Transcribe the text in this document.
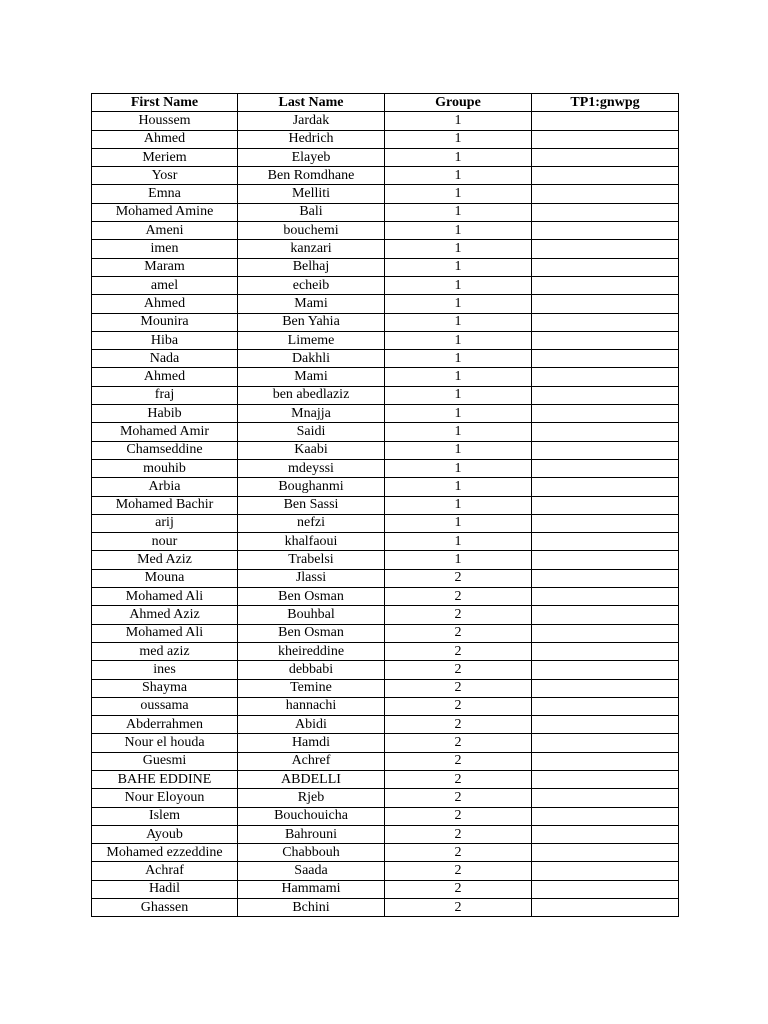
First Name	Last Name	Groupe	TP1:gnwpg
Houssem	Jardak	1	
Ahmed	Hedrich	1	
Meriem	Elayeb	1	
Yosr	Ben Romdhane	1	
Emna	Melliti	1	
Mohamed Amine	Bali	1	
Ameni	bouchemi	1	
imen	kanzari	1	
Maram	Belhaj	1	
amel	echeib	1	
Ahmed	Mami	1	
Mounira	Ben Yahia	1	
Hiba	Limeme	1	
Nada	Dakhli	1	
Ahmed	Mami	1	
fraj	ben abedlaziz	1	
Habib	Mnajja	1	
Mohamed Amir	Saidi	1	
Chamseddine	Kaabi	1	
mouhib	mdeyssi	1	
Arbia	Boughanmi	1	
Mohamed Bachir	Ben Sassi	1	
arij	nefzi	1	
nour	khalfaoui	1	
Med Aziz	Trabelsi	1	
Mouna	Jlassi	2	
Mohamed Ali	Ben Osman	2	
Ahmed Aziz	Bouhbal	2	
Mohamed Ali	Ben Osman	2	
med aziz	kheireddine	2	
ines	debbabi	2	
Shayma	Temine	2	
oussama	hannachi	2	
Abderrahmen	Abidi	2	
Nour el houda	Hamdi	2	
Guesmi	Achref	2	
BAHE EDDINE	ABDELLI	2	
Nour Eloyoun	Rjeb	2	
Islem	Bouchouicha	2	
Ayoub	Bahrouni	2	
Mohamed ezzeddine	Chabbouh	2	
Achraf	Saada	2	
Hadil	Hammami	2	
Ghassen	Bchini	2	
